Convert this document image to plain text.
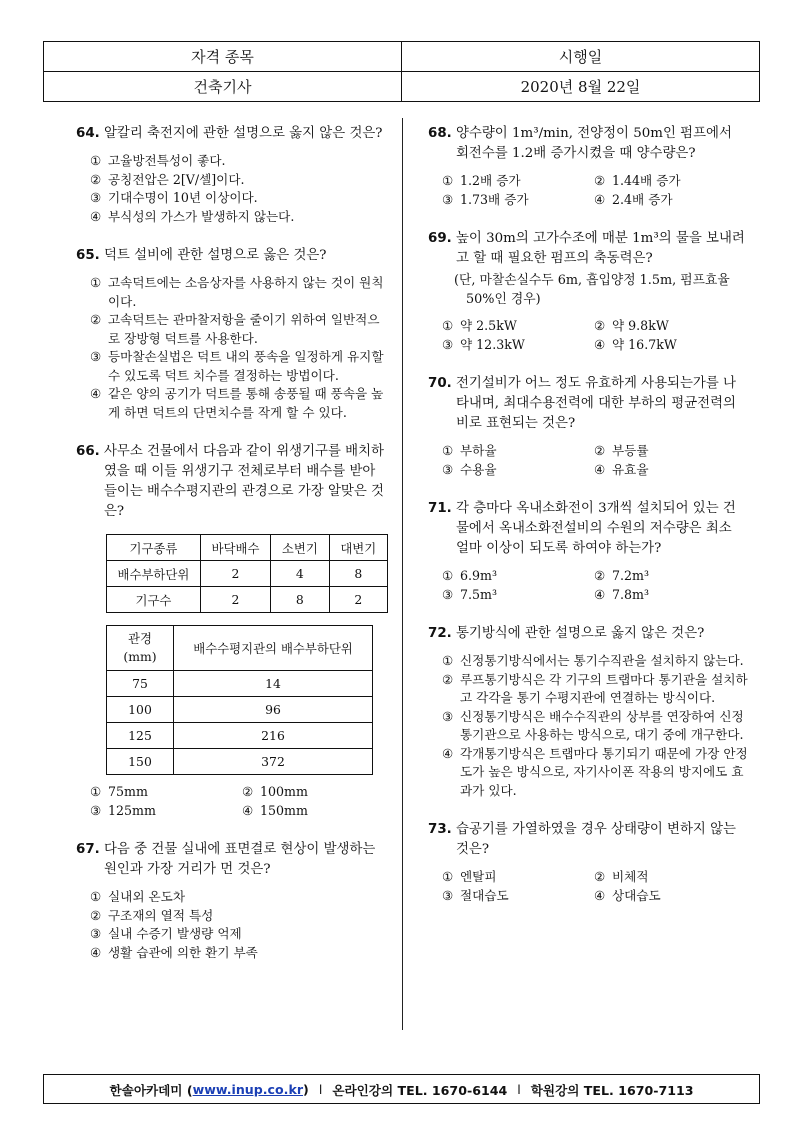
자격 종목	시행일
건축기사	2020년 8월 22일
64. 알칼리 축전지에 관한 설명으로 옳지 않은 것은?
① 고율방전특성이 좋다.
② 공칭전압은 2[V/셀]이다.
③ 기대수명이 10년 이상이다.
④ 부식성의 가스가 발생하지 않는다.
65. 덕트 설비에 관한 설명으로 옳은 것은?
① 고속덕트에는 소음상자를 사용하지 않는 것이 원칙이다.
② 고속덕트는 관마찰저항을 줄이기 위하여 일반적으로 장방형 덕트를 사용한다.
③ 등마찰손실법은 덕트 내의 풍속을 일정하게 유지할 수 있도록 덕트 치수를 결정하는 방법이다.
④ 같은 양의 공기가 덕트를 통해 송풍될 때 풍속을 높게 하면 덕트의 단면치수를 작게 할 수 있다.
66. 사무소 건물에서 다음과 같이 위생기구를 배치하였을 때 이들 위생기구 전체로부터 배수를 받아들이는 배수수평지관의 관경으로 가장 알맞은 것은?
기구종류	바닥배수	소변기	대변기
배수부하단위	2	4	8
기구수	2	8	2
관경
(mm)	배수수평지관의 배수부하단위
75	14
100	96
125	216
150	372
① 75mm	② 100mm
③ 125mm	④ 150mm
67. 다음 중 건물 실내에 표면결로 현상이 발생하는 원인과 가장 거리가 먼 것은?
① 실내외 온도차
② 구조재의 열적 특성
③ 실내 수증기 발생량 억제
④ 생활 습관에 의한 환기 부족
68. 양수량이 1m³/min, 전양정이 50m인 펌프에서 회전수를 1.2배 증가시켰을 때 양수량은?
① 1.2배 증가	② 1.44배 증가
③ 1.73배 증가	④ 2.4배 증가
69. 높이 30m의 고가수조에 매분 1m³의 물을 보내려고 할 때 필요한 펌프의 축동력은?
(단, 마찰손실수두 6m, 흡입양정 1.5m, 펌프효율 50%인 경우)
① 약 2.5kW	② 약 9.8kW
③ 약 12.3kW	④ 약 16.7kW
70. 전기설비가 어느 정도 유효하게 사용되는가를 나타내며, 최대수용전력에 대한 부하의 평균전력의 비로 표현되는 것은?
① 부하율	② 부등률
③ 수용율	④ 유효율
71. 각 층마다 옥내소화전이 3개씩 설치되어 있는 건물에서 옥내소화전설비의 수원의 저수량은 최소 얼마 이상이 되도록 하여야 하는가?
① 6.9m³	② 7.2m³
③ 7.5m³	④ 7.8m³
72. 통기방식에 관한 설명으로 옳지 않은 것은?
① 신정통기방식에서는 통기수직관을 설치하지 않는다.
② 루프통기방식은 각 기구의 트랩마다 통기관을 설치하고 각각을 통기 수평지관에 연결하는 방식이다.
③ 신정통기방식은 배수수직관의 상부를 연장하여 신정통기관으로 사용하는 방식으로, 대기 중에 개구한다.
④ 각개통기방식은 트랩마다 통기되기 때문에 가장 안정도가 높은 방식으로, 자기사이폰 작용의 방지에도 효과가 있다.
73. 습공기를 가열하였을 경우 상태량이 변하지 않는 것은?
① 엔탈피	② 비체적
③ 절대습도	④ 상대습도
한솔아카데미 ( www.inup.co.kr ) l 온라인강의 TEL. 1670-6144 l 학원강의 TEL. 1670-7113
